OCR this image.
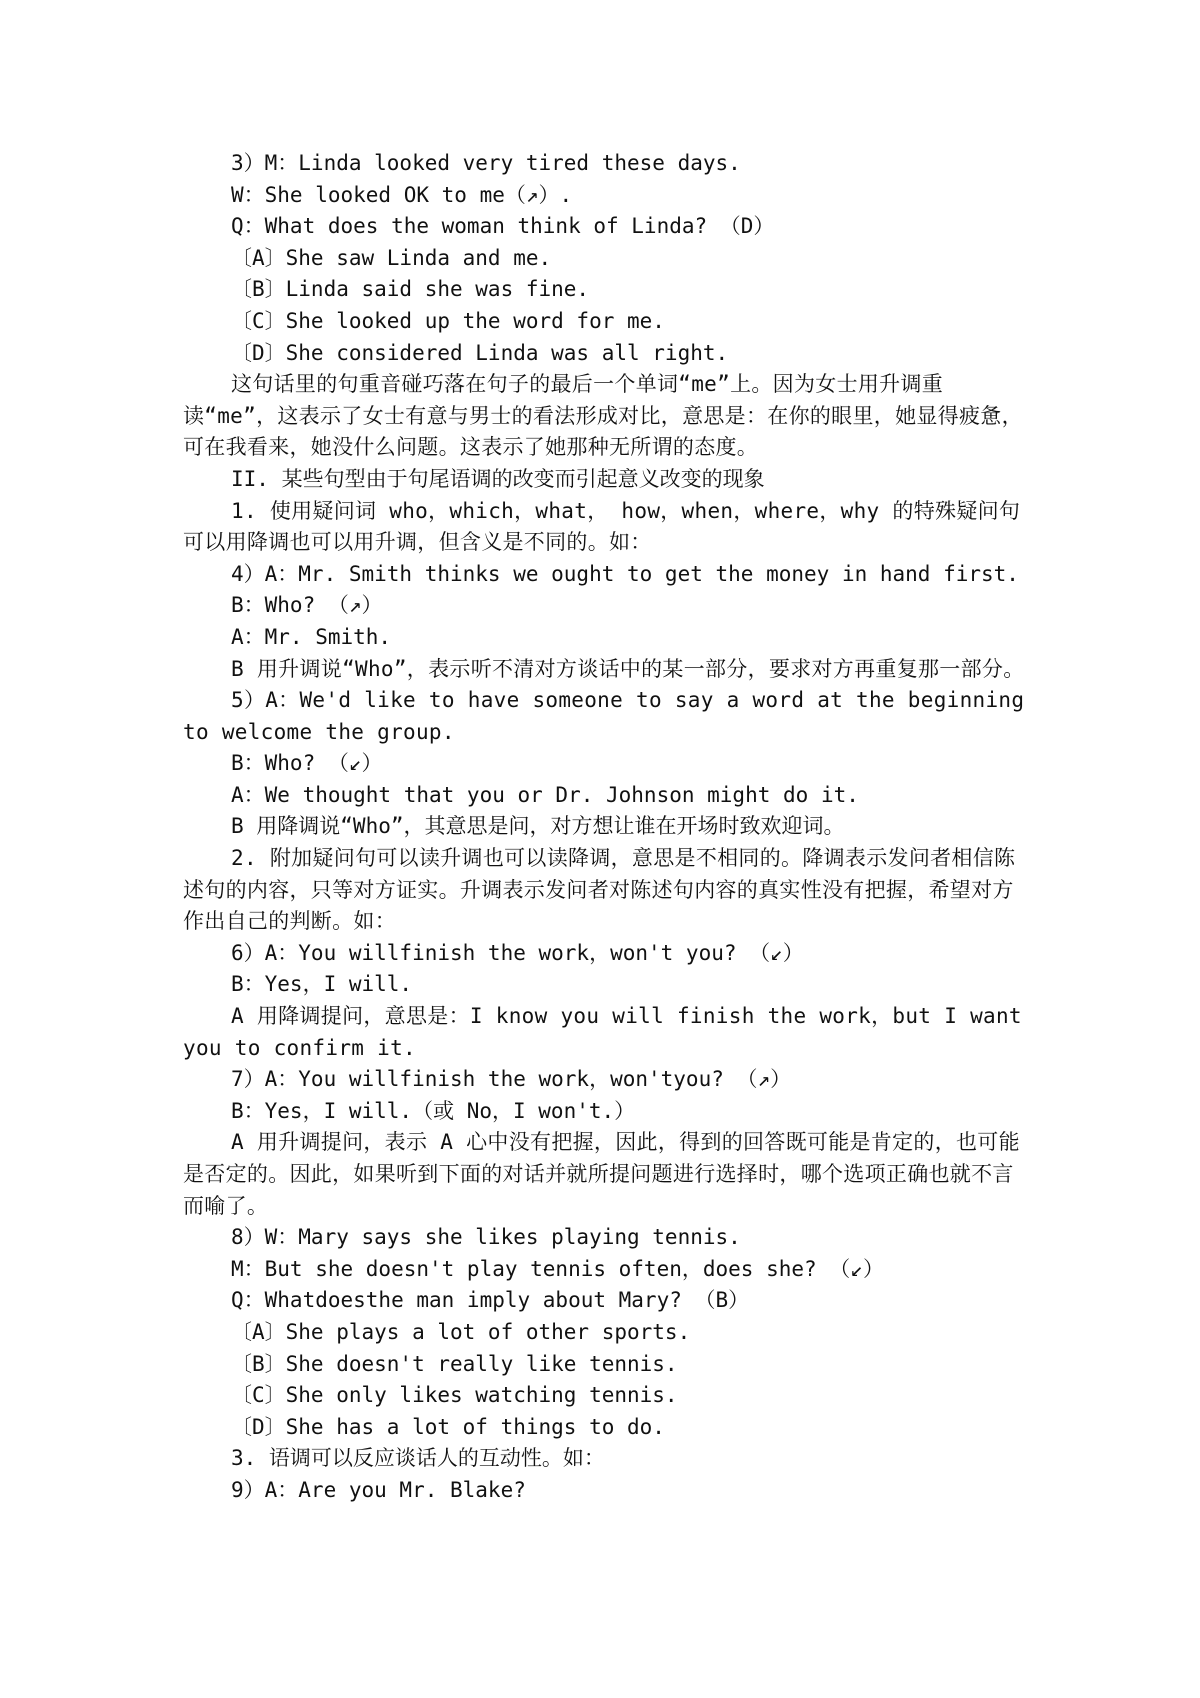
3）M：Linda looked very tired these days.
W：She looked OK to me（↗）.
Q：What does the woman think of Linda? （D）
〔A〕She saw Linda and me.
〔B〕Linda said she was fine.
〔C〕She looked up the word for me.
〔D〕She considered Linda was all right.
这句话里的句重音碰巧落在句子的最后一个单词“me”上。因为女士用升调重读“me”，这表示了女士有意与男士的看法形成对比，意思是：在你的眼里，她显得疲惫，可在我看来，她没什么问题。这表示了她那种无所谓的态度。
II. 某些句型由于句尾语调的改变而引起意义改变的现象
1. 使用疑问词 who，which，what， how，when，where，why 的特殊疑问句可以用降调也可以用升调，但含义是不同的。如：
4）A：Mr. Smith thinks we ought to get the money in hand first.
B：Who? （↗）
A：Mr. Smith.
B 用升调说“Who”，表示听不清对方谈话中的某一部分，要求对方再重复那一部分。
5）A：We'd like to have someone to say a word at the beginning to welcome the group.
B：Who? （↙）
A：We thought that you or Dr. Johnson might do it.
B 用降调说“Who”，其意思是问，对方想让谁在开场时致欢迎词。
2. 附加疑问句可以读升调也可以读降调，意思是不相同的。降调表示发问者相信陈述句的内容，只等对方证实。升调表示发问者对陈述句内容的真实性没有把握，希望对方作出自己的判断。如：
6）A：You willfinish the work，won't you? （↙）
B：Yes，I will.
A 用降调提问，意思是：I know you will finish the work，but I want you to confirm it.
7）A：You willfinish the work，won'tyou? （↗）
B：Yes，I will.（或 No，I won't.）
A 用升调提问，表示 A 心中没有把握，因此，得到的回答既可能是肯定的，也可能是否定的。因此，如果听到下面的对话并就所提问题进行选择时，哪个选项正确也就不言而喻了。
8）W：Mary says she likes playing tennis.
M：But she doesn't play tennis often，does she? （↙）
Q：Whatdoesthe man imply about Mary? （B）
〔A〕She plays a lot of other sports.
〔B〕She doesn't really like tennis.
〔C〕She only likes watching tennis.
〔D〕She has a lot of things to do.
3. 语调可以反应谈话人的互动性。如：
9）A：Are you Mr. Blake?
